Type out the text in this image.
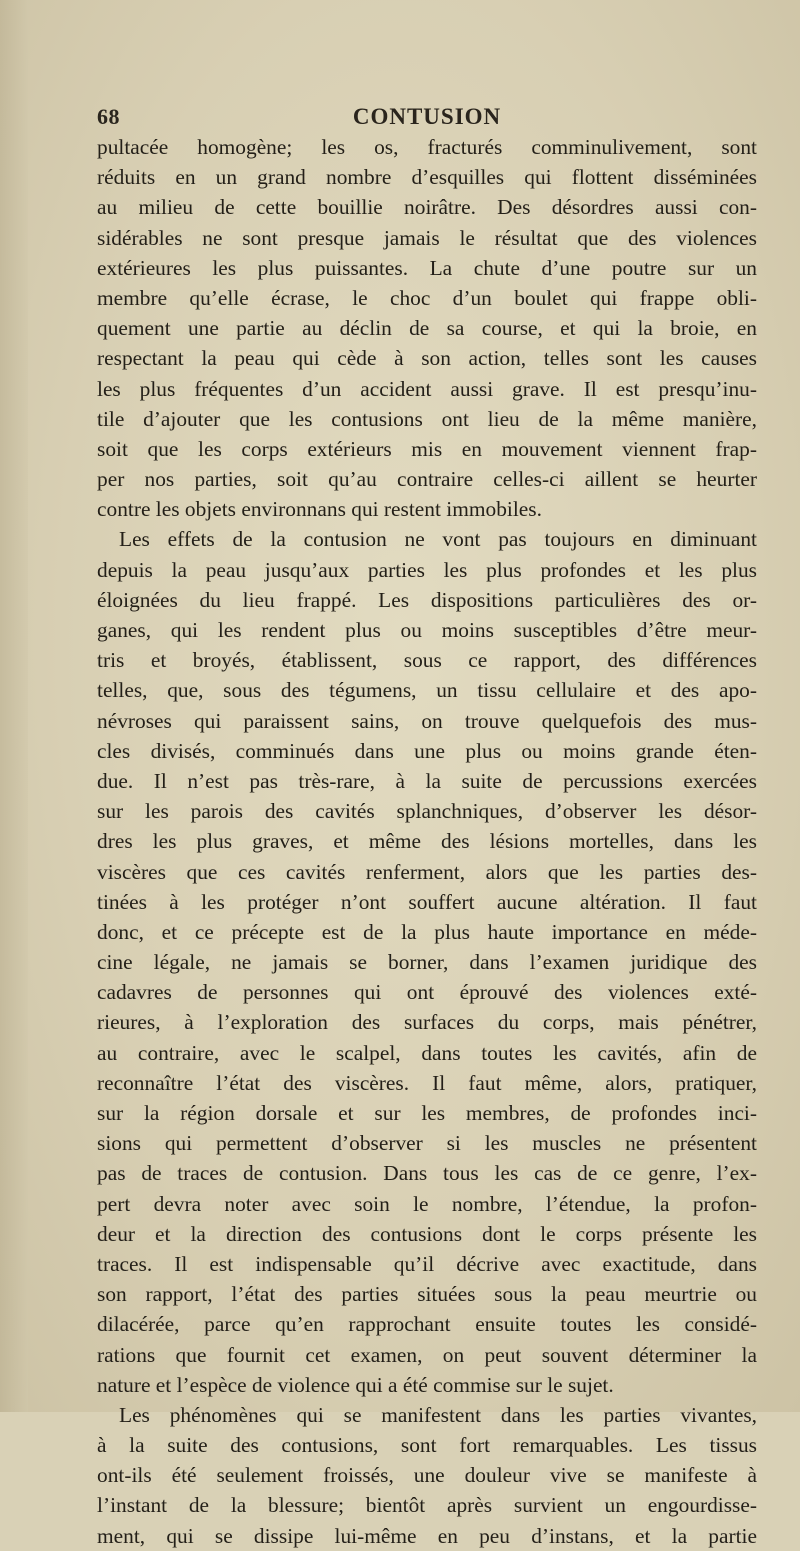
68	CONTUSION
pultacée homogène; les os, fracturés comminulivement, sont
réduits en un grand nombre d’esquilles qui flottent disséminées
au milieu de cette bouillie noirâtre. Des désordres aussi con-
sidérables ne sont presque jamais le résultat que des violences
extérieures les plus puissantes. La chute d’une poutre sur un
membre qu’elle écrase, le choc d’un boulet qui frappe obli-
quement une partie au déclin de sa course, et qui la broie, en
respectant la peau qui cède à son action, telles sont les causes
les plus fréquentes d’un accident aussi grave. Il est presqu’inu-
tile d’ajouter que les contusions ont lieu de la même manière,
soit que les corps extérieurs mis en mouvement viennent frap-
per nos parties, soit qu’au contraire celles-ci aillent se heurter
contre les objets environnans qui restent immobiles.
Les effets de la contusion ne vont pas toujours en diminuant
depuis la peau jusqu’aux parties les plus profondes et les plus
éloignées du lieu frappé. Les dispositions particulières des or-
ganes, qui les rendent plus ou moins susceptibles d’être meur-
tris et broyés, établissent, sous ce rapport, des différences
telles, que, sous des tégumens, un tissu cellulaire et des apo-
névroses qui paraissent sains, on trouve quelquefois des mus-
cles divisés, comminués dans une plus ou moins grande éten-
due. Il n’est pas très-rare, à la suite de percussions exercées
sur les parois des cavités splanchniques, d’observer les désor-
dres les plus graves, et même des lésions mortelles, dans les
viscères que ces cavités renferment, alors que les parties des-
tinées à les protéger n’ont souffert aucune altération. Il faut
donc, et ce précepte est de la plus haute importance en méde-
cine légale, ne jamais se borner, dans l’examen juridique des
cadavres de personnes qui ont éprouvé des violences exté-
rieures, à l’exploration des surfaces du corps, mais pénétrer,
au contraire, avec le scalpel, dans toutes les cavités, afin de
reconnaître l’état des viscères. Il faut même, alors, pratiquer,
sur la région dorsale et sur les membres, de profondes inci-
sions qui permettent d’observer si les muscles ne présentent
pas de traces de contusion. Dans tous les cas de ce genre, l’ex-
pert devra noter avec soin le nombre, l’étendue, la profon-
deur et la direction des contusions dont le corps présente les
traces. Il est indispensable qu’il décrive avec exactitude, dans
son rapport, l’état des parties situées sous la peau meurtrie ou
dilacérée, parce qu’en rapprochant ensuite toutes les considé-
rations que fournit cet examen, on peut souvent déterminer la
nature et l’espèce de violence qui a été commise sur le sujet.
Les phénomènes qui se manifestent dans les parties vivantes,
à la suite des contusions, sont fort remarquables. Les tissus
ont-ils été seulement froissés, une douleur vive se manifeste à
l’instant de la blessure; bientôt après survient un engourdisse-
ment, qui se dissipe lui-même en peu d’instans, et la partie
